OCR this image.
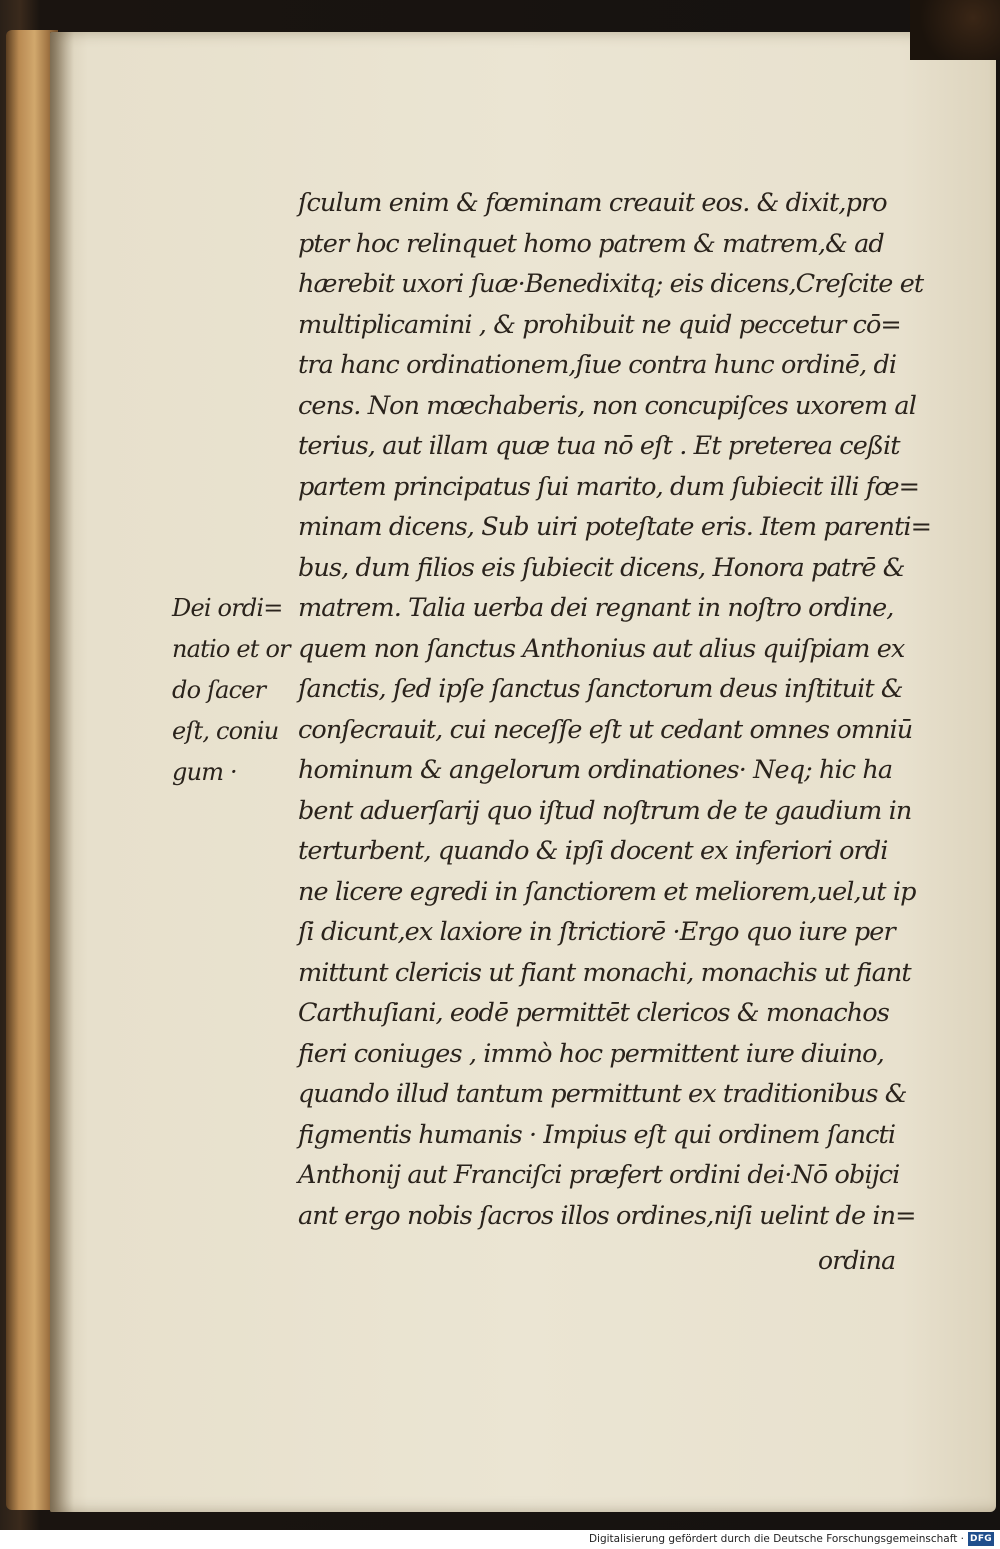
Dei ordi=
natio et or
do ſacer
eſt, coniu
gum ·
ſculum enim & fœminam creauit eos. & dixit,pro
pter hoc relinquet homo patrem & matrem,& ad
hærebit uxori ſuæ·Benedixitq; eis dicens,Creſcite et
multiplicamini , & prohibuit ne quid peccetur cō=
tra hanc ordinationem,ſiue contra hunc ordinē, di
cens. Non mœchaberis, non concupiſces uxorem al
terius, aut illam quæ tua nō eſt . Et preterea ceßit
partem principatus ſui marito, dum ſubiecit illi fœ=
minam dicens, Sub uiri poteſtate eris. Item parenti=
bus, dum filios eis ſubiecit dicens, Honora patrē &
matrem. Talia uerba dei regnant in noſtro ordine,
quem non ſanctus Anthonius aut alius quiſpiam ex
ſanctis, ſed ipſe ſanctus ſanctorum deus inſtituit &
conſecrauit, cui neceſſe eſt ut cedant omnes omniū
hominum & angelorum ordinationes· Neq; hic ha
bent aduerſarij quo iſtud noſtrum de te gaudium in
terturbent, quando & ipſi docent ex inferiori ordi
ne licere egredi in ſanctiorem et meliorem,uel,ut ip
ſi dicunt,ex laxiore in ſtrictiorē ·Ergo quo iure per
mittunt clericis ut fiant monachi, monachis ut fiant
Carthuſiani, eodē permittēt clericos & monachos
fieri coniuges , immò hoc permittent iure diuino,
quando illud tantum permittunt ex traditionibus &
figmentis humanis · Impius eſt qui ordinem ſancti
Anthonij aut Franciſci præfert ordini dei·Nō obijci
ant ergo nobis ſacros illos ordines,niſi uelint de in=
ordina
Digitalisierung gefördert durch die Deutsche Forschungsgemeinschaft · DFG
